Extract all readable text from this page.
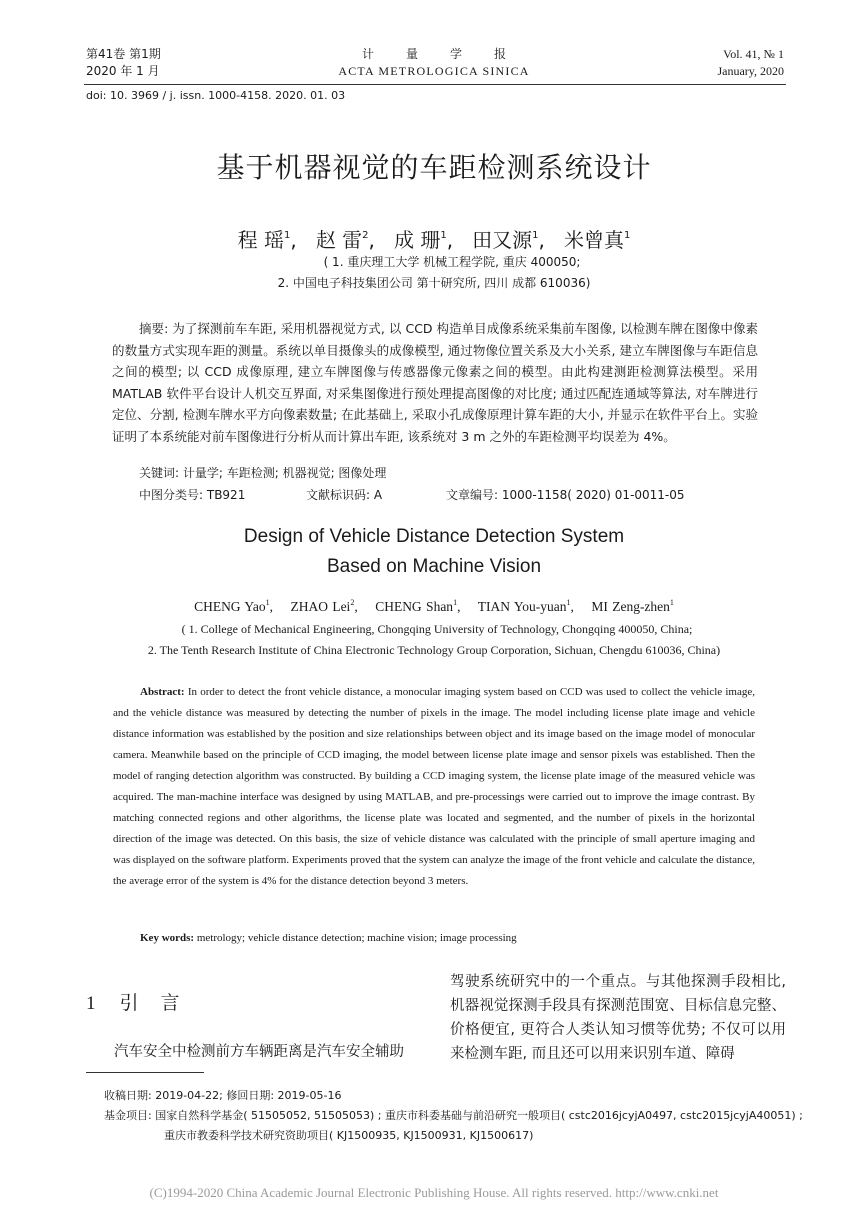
第41卷 第1期
2020 年 1 月
计量学报
ACTA METROLOGICA SINICA
Vol. 41, № 1
January, 2020
doi: 10. 3969 / j. issn. 1000-4158. 2020. 01. 03
基于机器视觉的车距检测系统设计
程 瑶$^1$,   赵 雷$^2$,   成 珊$^1$,   田又源$^1$,   米曾真$^1$
( 1. 重庆理工大学 机械工程学院, 重庆 400050;
2. 中国电子科技集团公司 第十研究所, 四川 成都 610036)

摘要: 为了探测前车车距, 采用机器视觉方式, 以 CCD 构造单目成像系统采集前车图像, 以检测车牌在图像中像素的数量方式实现车距的测量。系统以单目摄像头的成像模型, 通过物像位置关系及大小关系, 建立车牌图像与车距信息之间的模型; 以 CCD 成像原理, 建立车牌图像与传感器像元像素之间的模型。由此构建测距检测算法模型。采用 MATLAB 软件平台设计人机交互界面, 对采集图像进行预处理提高图像的对比度; 通过匹配连通域等算法, 对车牌进行定位、分割, 检测车牌水平方向像素数量; 在此基础上, 采取小孔成像原理计算车距的大小, 并显示在软件平台上。实验证明了本系统能对前车图像进行分析从而计算出车距, 该系统对 3 m 之外的车距检测平均误差为 4%。

关键词: 计量学; 车距检测; 机器视觉; 图像处理
中图分类号: TB921	文献标识码: A	文章编号: 1000-1158( 2020) 01-0011-05
Design of Vehicle Distance Detection System
Based on Machine Vision
CHENG Yao$^1$,    ZHAO Lei$^2$,    CHENG Shan$^1$,    TIAN You-yuan$^1$,    MI Zeng-zhen$^1$
( 1. College of Mechanical Engineering, Chongqing University of Technology, Chongqing 400050, China;
2. The Tenth Research Institute of China Electronic Technology Group Corporation, Sichuan, Chengdu 610036, China)

Abstract: In order to detect the front vehicle distance, a monocular imaging system based on CCD was used to collect the vehicle image, and the vehicle distance was measured by detecting the number of pixels in the image. The model including license plate image and vehicle distance information was established by the position and size relationships between object and its image based on the image model of monocular camera. Meanwhile based on the principle of CCD imaging, the model between license plate image and sensor pixels was established. Then the model of ranging detection algorithm was constructed. By building a CCD imaging system, the license plate image of the measured vehicle was acquired. The man-machine interface was designed by using MATLAB, and pre-processings were carried out to improve the image contrast. By matching connected regions and other algorithms, the license plate was located and segmented, and the number of pixels in the horizontal direction of the image was detected. On this basis, the size of vehicle distance was calculated with the principle of small aperture imaging and was displayed on the software platform. Experiments proved that the system can analyze the image of the front vehicle and calculate the distance, the average error of the system is 4% for the distance detection beyond 3 meters.

Key words: metrology; vehicle distance detection; machine vision; image processing
1 引言
汽车安全中检测前方车辆距离是汽车安全辅助
驾驶系统研究中的一个重点。与其他探测手段相比, 机器视觉探测手段具有探测范围宽、目标信息完整、价格便宜, 更符合人类认知习惯等优势; 不仅可以用来检测车距, 而且还可以用来识别车道、障碍
收稿日期: 2019-04-22; 修回日期: 2019-05-16
基金项目: 国家自然科学基金( 51505052, 51505053) ; 重庆市科委基础与前沿研究一般项目( cstc2016jcyjA0497, cstc2015jcyjA40051) ;
重庆市教委科学技术研究资助项目( KJ1500935, KJ1500931, KJ1500617)
(C)1994-2020 China Academic Journal Electronic Publishing House. All rights reserved. http://www.cnki.net
